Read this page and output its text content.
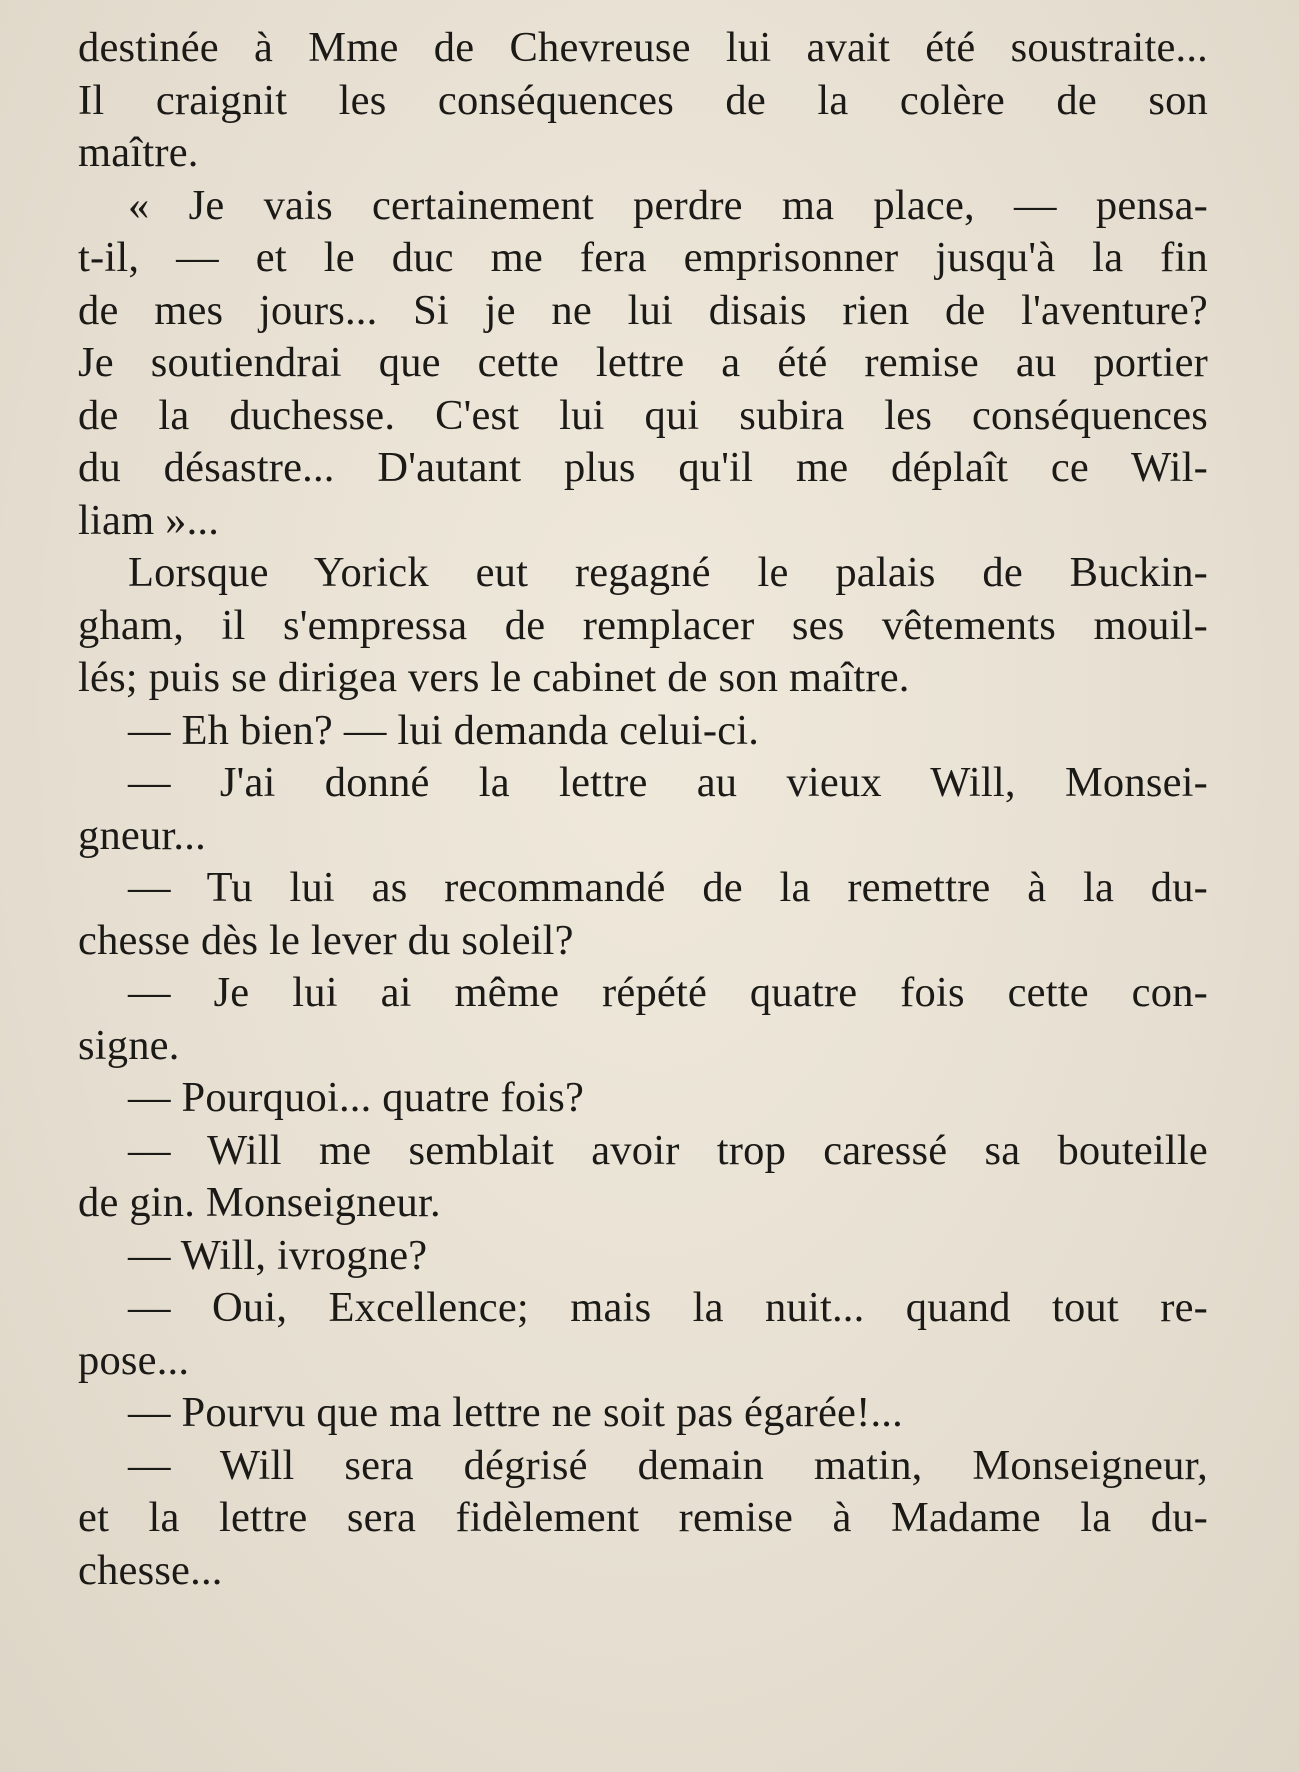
destinée à Mme de Chevreuse lui avait été soustraite...
Il craignit les conséquences de la colère de son
maître.

« Je vais certainement perdre ma place, — pensa-
t-il, — et le duc me fera emprisonner jusqu'à la fin
de mes jours... Si je ne lui disais rien de l'aventure?
Je soutiendrai que cette lettre a été remise au portier
de la duchesse. C'est lui qui subira les conséquences
du désastre... D'autant plus qu'il me déplaît ce Wil-
liam »...

Lorsque Yorick eut regagné le palais de Buckin-
gham, il s'empressa de remplacer ses vêtements mouil-
lés; puis se dirigea vers le cabinet de son maître.

— Eh bien? — lui demanda celui-ci.

— J'ai donné la lettre au vieux Will, Monsei-
gneur...

— Tu lui as recommandé de la remettre à la du-
chesse dès le lever du soleil?

— Je lui ai même répété quatre fois cette con-
signe.

— Pourquoi... quatre fois?

— Will me semblait avoir trop caressé sa bouteille
de gin. Monseigneur.

— Will, ivrogne?

— Oui, Excellence; mais la nuit... quand tout re-
pose...

— Pourvu que ma lettre ne soit pas égarée!...

— Will sera dégrisé demain matin, Monseigneur,
et la lettre sera fidèlement remise à Madame la du-
chesse...
